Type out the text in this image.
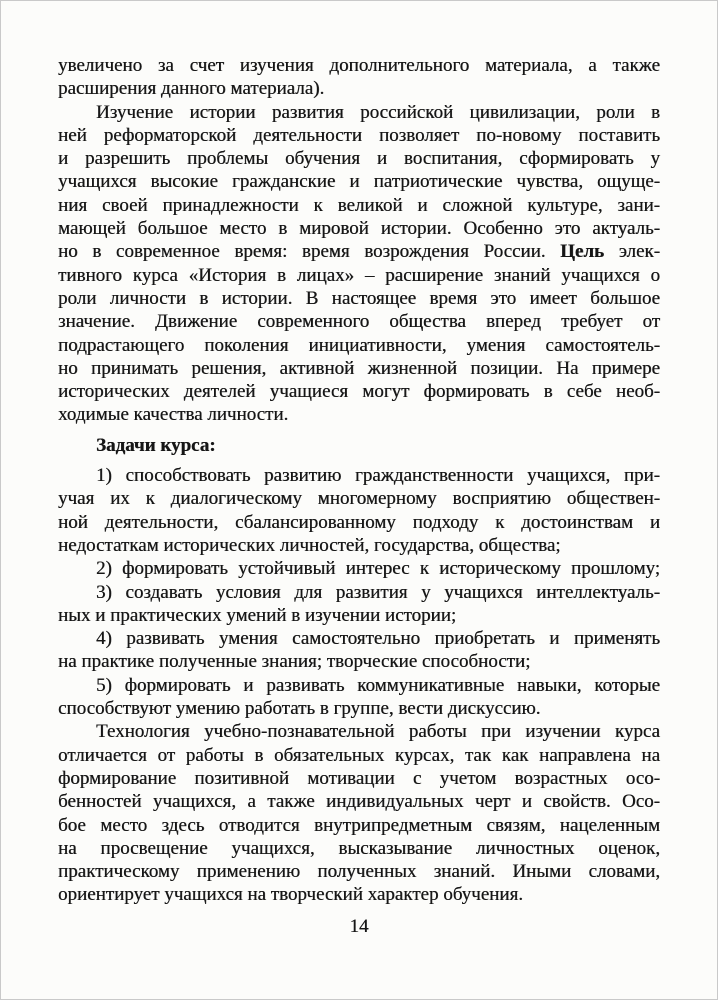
увеличено за счет изучения дополнительного материала, а также
расширения данного материала).
Изучение истории развития российской цивилизации, роли в
ней реформаторской деятельности позволяет по-новому поставить
и разрешить проблемы обучения и воспитания, сформировать у
учащихся высокие гражданские и патриотические чувства, ощуще-
ния своей принадлежности к великой и сложной культуре, зани-
мающей большое место в мировой истории. Особенно это актуаль-
но в современное время: время возрождения России. Цель элек-
тивного курса «История в лицах» – расширение знаний учащихся о
роли личности в истории. В настоящее время это имеет большое
значение. Движение современного общества вперед требует от
подрастающего поколения инициативности, умения самостоятель-
но принимать решения, активной жизненной позиции. На примере
исторических деятелей учащиеся могут формировать в себе необ-
ходимые качества личности.
Задачи курса:
1) способствовать развитию гражданственности учащихся, при-
учая их к диалогическому многомерному восприятию обществен-
ной деятельности, сбалансированному подходу к достоинствам и
недостаткам исторических личностей, государства, общества;
2) формировать устойчивый интерес к историческому прошлому;
3) создавать условия для развития у учащихся интеллектуаль-
ных и практических умений в изучении истории;
4) развивать умения самостоятельно приобретать и применять
на практике полученные знания; творческие способности;
5) формировать и развивать коммуникативные навыки, которые
способствуют умению работать в группе, вести дискуссию.
Технология учебно-познавательной работы при изучении курса
отличается от работы в обязательных курсах, так как направлена на
формирование позитивной мотивации с учетом возрастных осо-
бенностей учащихся, а также индивидуальных черт и свойств. Осо-
бое место здесь отводится внутрипредметным связям, нацеленным
на просвещение учащихся, высказывание личностных оценок,
практическому применению полученных знаний. Иными словами,
ориентирует учащихся на творческий характер обучения.
14
